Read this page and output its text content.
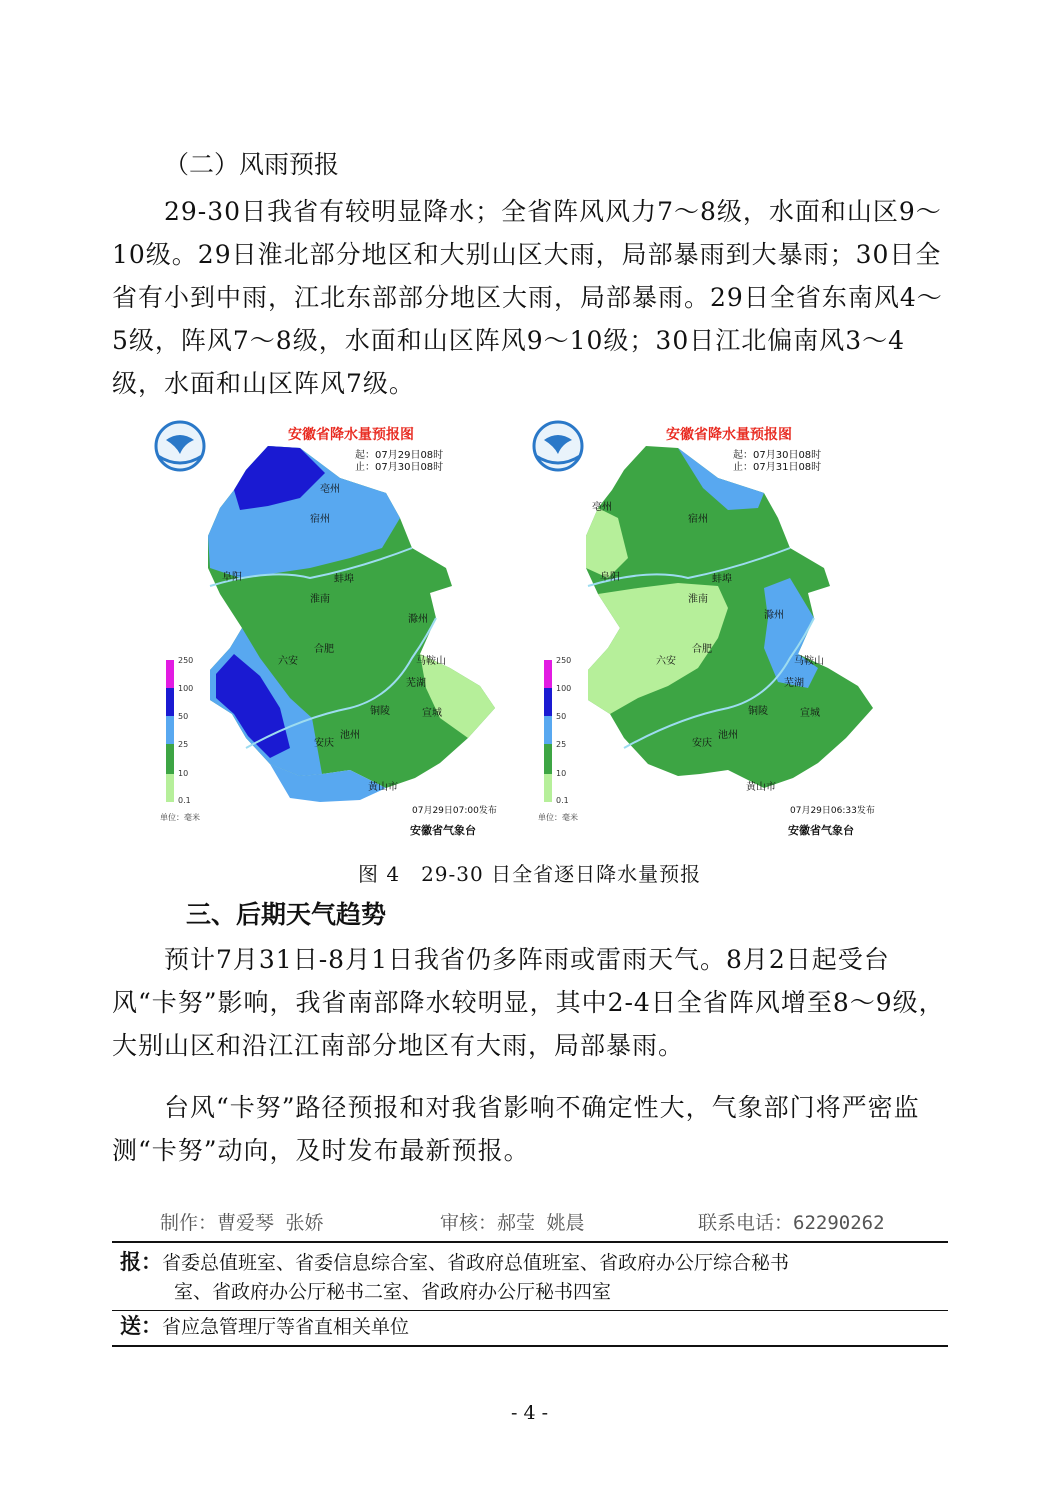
（二）风雨预报
29-30日我省有较明显降水；全省阵风风力7～8级，水面和山区9～10级。29日淮北部分地区和大别山区大雨，局部暴雨到大暴雨；30日全省有小到中雨，江北东部部分地区大雨，局部暴雨。29日全省东南风4～5级，阵风7～8级，水面和山区阵风9～10级；30日江北偏南风3～4级，水面和山区阵风7级。
安徽省降水量预报图
起：07月29日08时
止：07月30日08时
250
100
50
25
10
0.1
单位：毫米
07月29日07:00发布
安徽省气象台
阜阳
亳州
宿州
蚌埠
淮南
滁州
合肥
六安	马鞍山
芜湖
铜陵	宣城
安庆
池州
黄山市
安徽省降水量预报图
起：07月30日08时
止：07月31日08时
250
100
50
25
10
0.1
单位：毫米
07月29日06:33发布
安徽省气象台
阜阳
亳州
宿州
蚌埠
淮南
滁州
合肥
六安	马鞍山
芜湖
铜陵	宣城
安庆
池州
黄山市
图 4　29-30 日全省逐日降水量预报
三、后期天气趋势
预计7月31日-8月1日我省仍多阵雨或雷雨天气。8月2日起受台风“卡努”影响，我省南部降水较明显，其中2-4日全省阵风增至8～9级，大别山区和沿江江南部分地区有大雨，局部暴雨。
台风“卡努”路径预报和对我省影响不确定性大，气象部门将严密监测“卡努”动向，及时发布最新预报。
制作：曹爱琴 张娇	审核：郝莹 姚晨	联系电话：62290262
报：省委总值班室、省委信息综合室、省政府总值班室、省政府办公厅综合秘书
室、省政府办公厅秘书二室、省政府办公厅秘书四室
送：省应急管理厅等省直相关单位
- 4 -
